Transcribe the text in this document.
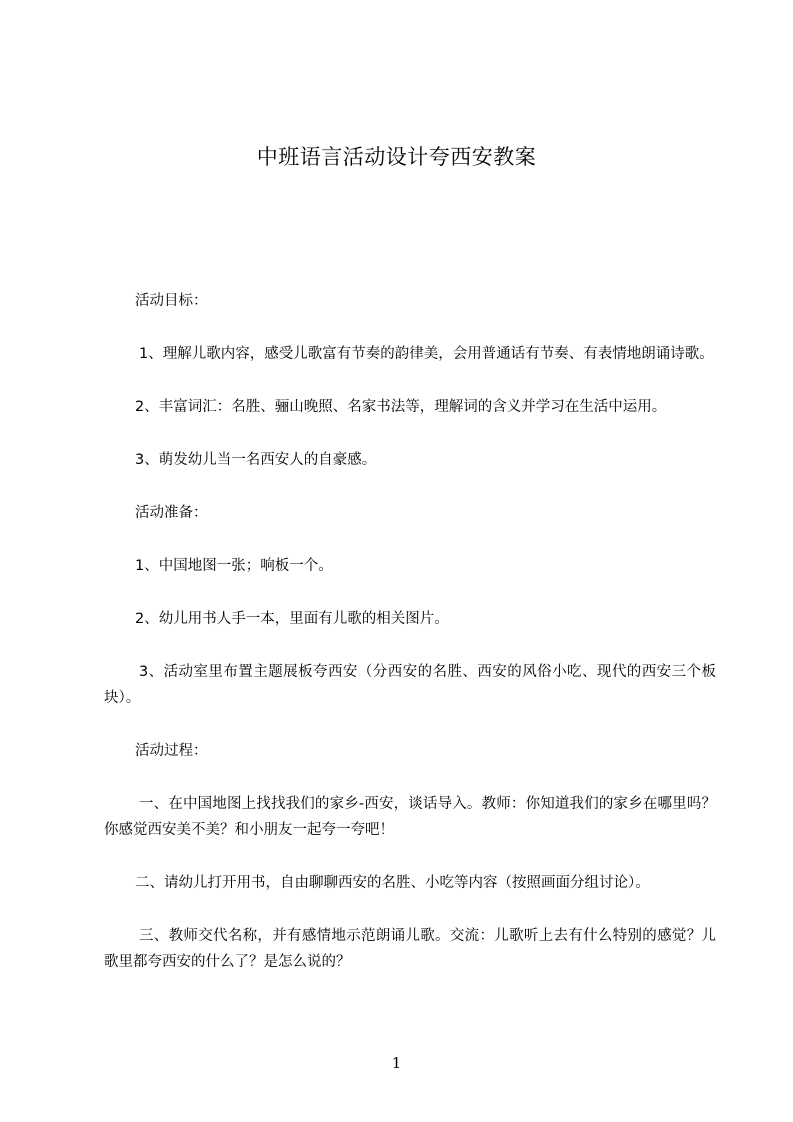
中班语言活动设计夸西安教案

活动目标：

1、理解儿歌内容，感受儿歌富有节奏的韵律美，会用普通话有节奏、有表情地朗诵诗歌。

2、丰富词汇：名胜、骊山晚照、名家书法等，理解词的含义并学习在生活中运用。

3、萌发幼儿当一名西安人的自豪感。

活动准备：

1、中国地图一张；响板一个。

2、幼儿用书人手一本，里面有儿歌的相关图片。

3、活动室里布置主题展板夸西安（分西安的名胜、西安的风俗小吃、现代的西安三个板块）。

活动过程：

一、在中国地图上找找我们的家乡-西安，谈话导入。教师：你知道我们的家乡在哪里吗？你感觉西安美不美？和小朋友一起夸一夸吧！

二、请幼儿打开用书，自由聊聊西安的名胜、小吃等内容（按照画面分组讨论）。

三、教师交代名称，并有感情地示范朗诵儿歌。交流：儿歌听上去有什么特别的感觉？儿歌里都夸西安的什么了？是怎么说的？

1
